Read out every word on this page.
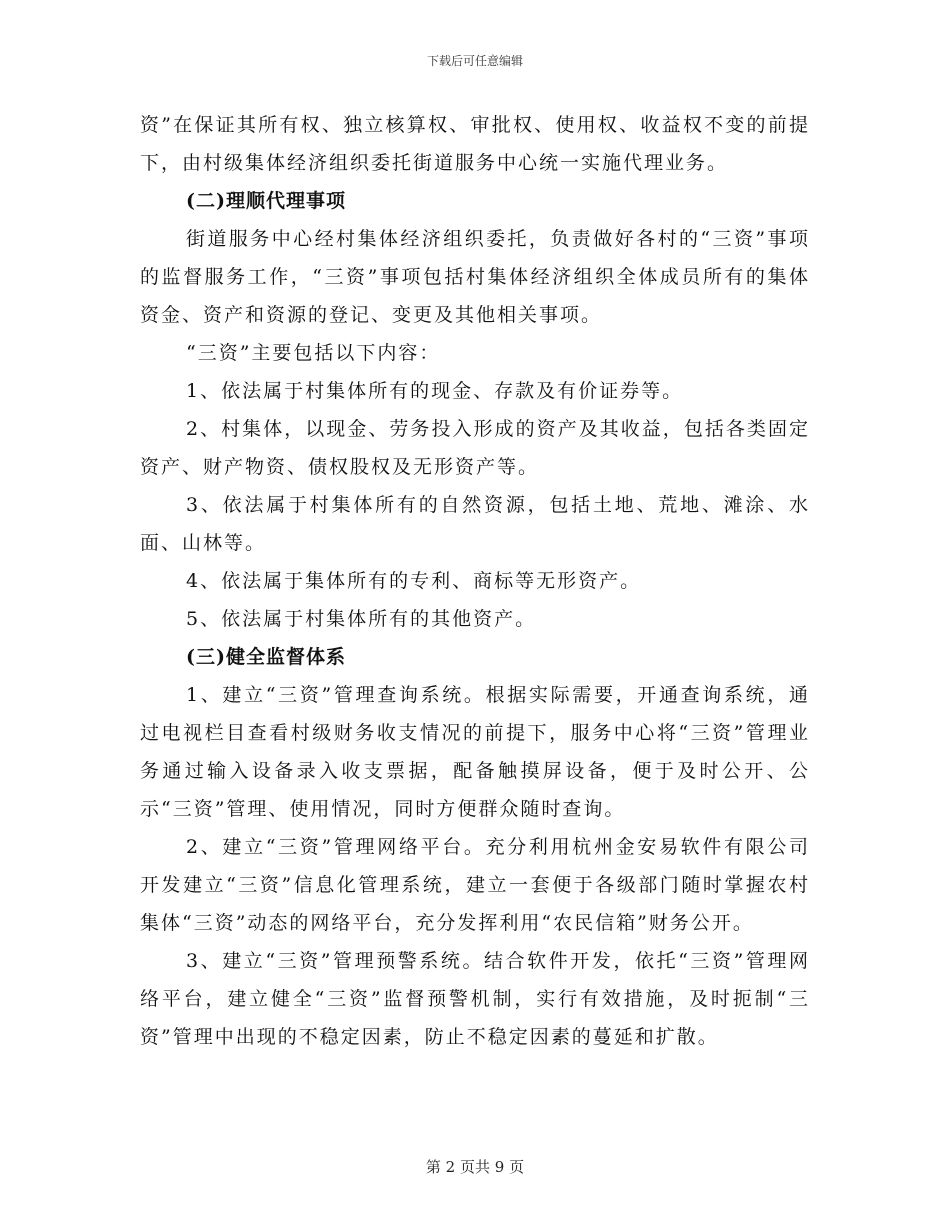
下载后可任意编辑

资”在保证其所有权、独立核算权、审批权、使用权、收益权不变的前提下，由村级集体经济组织委托街道服务中心统一实施代理业务。

(二)理顺代理事项

街道服务中心经村集体经济组织委托，负责做好各村的“三资”事项的监督服务工作，“三资”事项包括村集体经济组织全体成员所有的集体资金、资产和资源的登记、变更及其他相关事项。

“三资”主要包括以下内容：

1、依法属于村集体所有的现金、存款及有价证券等。

2、村集体，以现金、劳务投入形成的资产及其收益，包括各类固定资产、财产物资、债权股权及无形资产等。

3、依法属于村集体所有的自然资源，包括土地、荒地、滩涂、水面、山林等。

4、依法属于集体所有的专利、商标等无形资产。

5、依法属于村集体所有的其他资产。

(三)健全监督体系

1、建立“三资”管理查询系统。根据实际需要，开通查询系统，通过电视栏目查看村级财务收支情况的前提下，服务中心将“三资”管理业务通过输入设备录入收支票据，配备触摸屏设备，便于及时公开、公示“三资”管理、使用情况，同时方便群众随时查询。

2、建立“三资”管理网络平台。充分利用杭州金安易软件有限公司开发建立“三资”信息化管理系统，建立一套便于各级部门随时掌握农村集体“三资”动态的网络平台，充分发挥利用“农民信箱”财务公开。

3、建立“三资”管理预警系统。结合软件开发，依托“三资”管理网络平台，建立健全“三资”监督预警机制，实行有效措施，及时扼制“三资”管理中出现的不稳定因素，防止不稳定因素的蔓延和扩散。

第 2 页共 9 页
